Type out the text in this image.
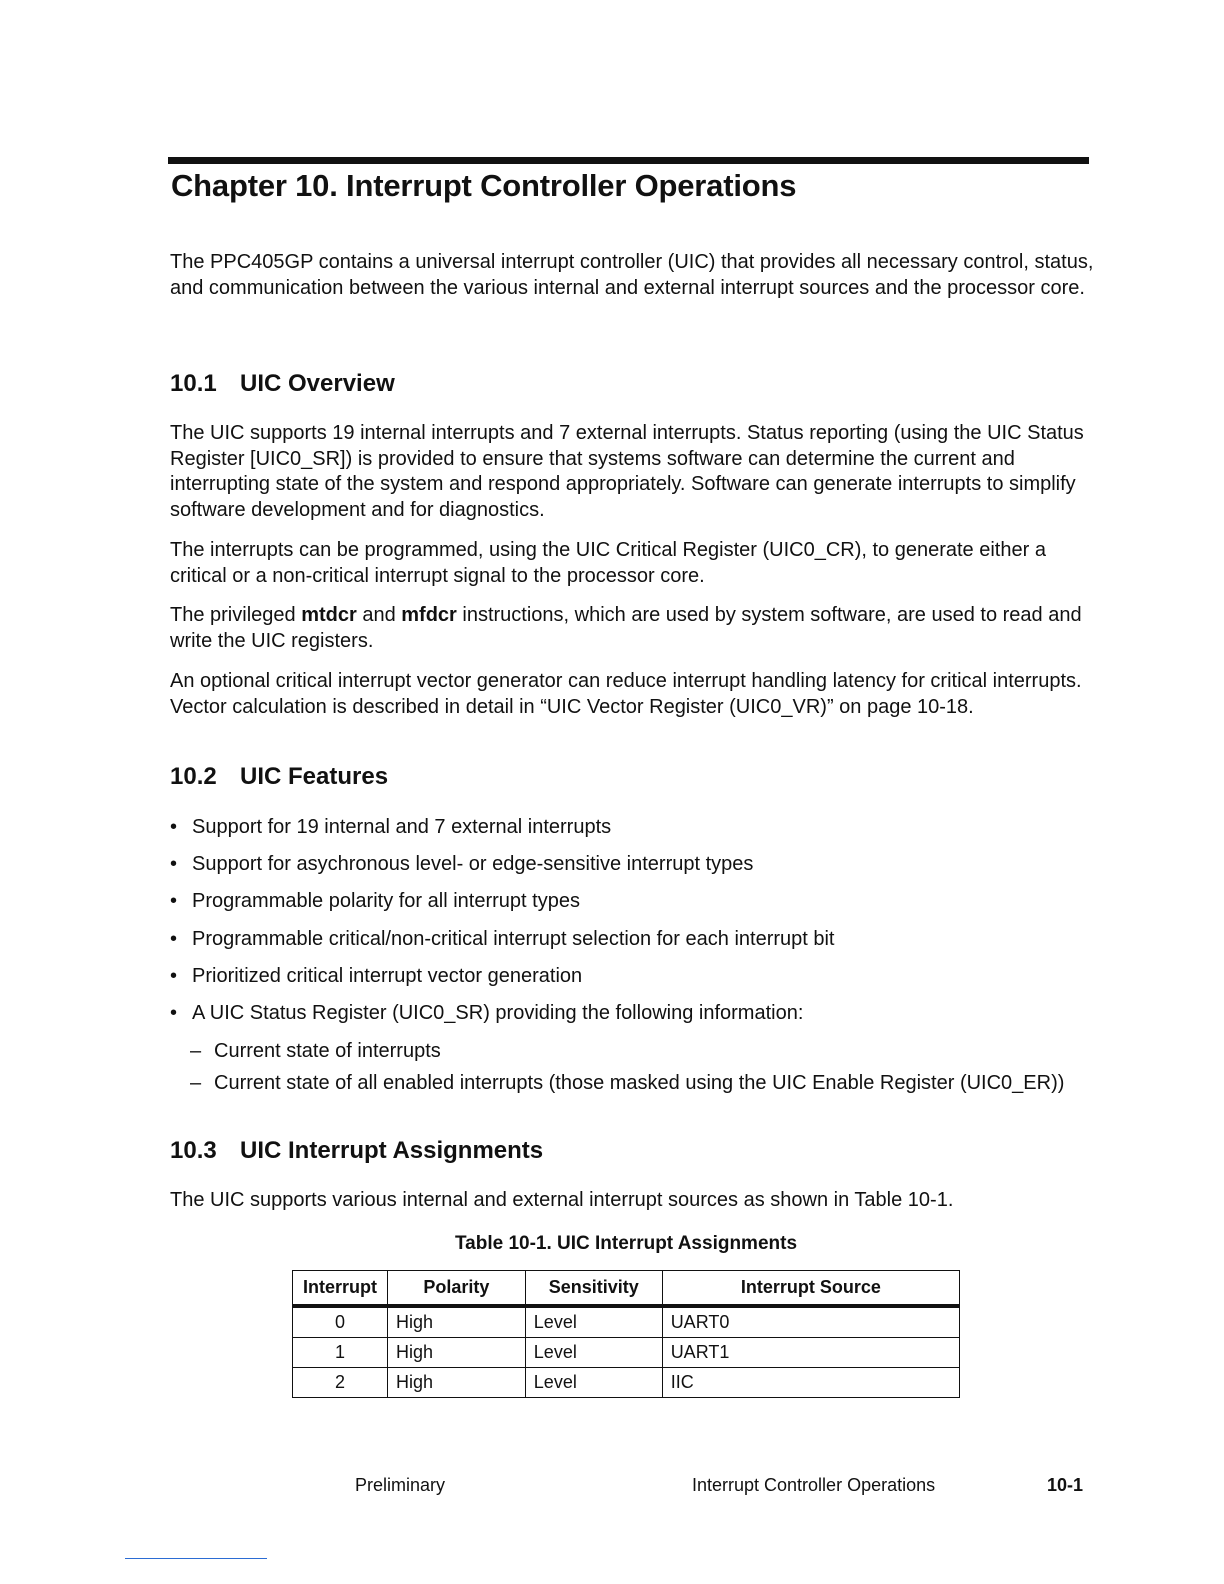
Chapter 10. Interrupt Controller Operations

The PPC405GP contains a universal interrupt controller (UIC) that provides all necessary control, status, and communication between the various internal and external interrupt sources and the processor core.

10.1 UIC Overview

The UIC supports 19 internal interrupts and 7 external interrupts. Status reporting (using the UIC Status Register [UIC0_SR]) is provided to ensure that systems software can determine the current and interrupting state of the system and respond appropriately. Software can generate interrupts to simplify software development and for diagnostics.

The interrupts can be programmed, using the UIC Critical Register (UIC0_CR), to generate either a critical or a non-critical interrupt signal to the processor core.

The privileged mtdcr and mfdcr instructions, which are used by system software, are used to read and write the UIC registers.

An optional critical interrupt vector generator can reduce interrupt handling latency for critical interrupts. Vector calculation is described in detail in “UIC Vector Register (UIC0_VR)” on page 10-18.

10.2 UIC Features
• Support for 19 internal and 7 external interrupts
• Support for asychronous level- or edge-sensitive interrupt types
• Programmable polarity for all interrupt types
• Programmable critical/non-critical interrupt selection for each interrupt bit
• Prioritized critical interrupt vector generation
• A UIC Status Register (UIC0_SR) providing the following information:
– Current state of interrupts
– Current state of all enabled interrupts (those masked using the UIC Enable Register (UIC0_ER))
10.3 UIC Interrupt Assignments

The UIC supports various internal and external interrupt sources as shown in Table 10-1.

Table 10-1. UIC Interrupt Assignments

Interrupt	Polarity	Sensitivity	Interrupt Source
0	High	Level	UART0
1	High	Level	UART1
2	High	Level	IIC

Preliminary	Interrupt Controller Operations	10-1
